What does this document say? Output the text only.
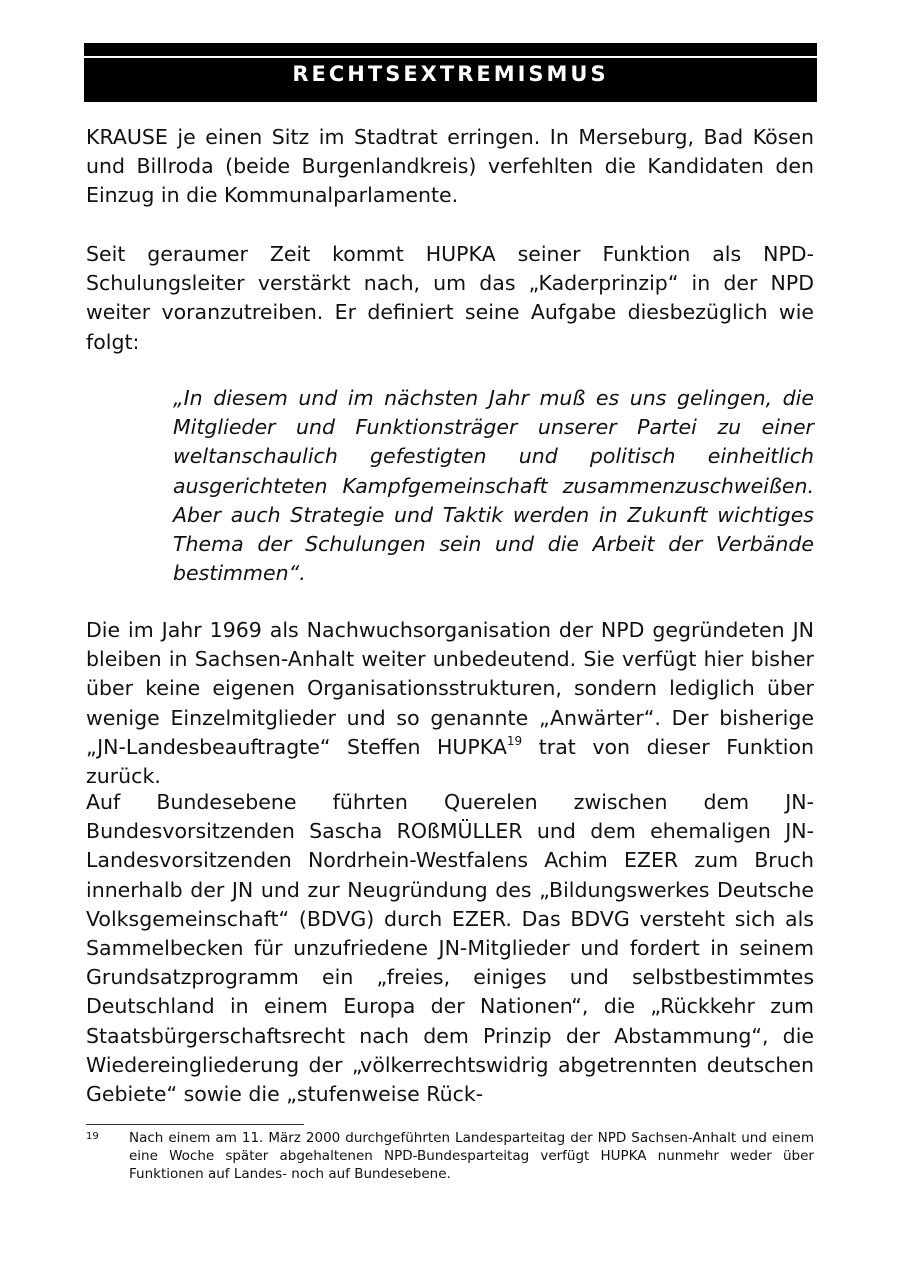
RECHTSEXTREMISMUS

KRAUSE je einen Sitz im Stadtrat erringen. In Merseburg, Bad Kösen und Billroda (beide Burgenlandkreis) verfehlten die Kandidaten den Einzug in die Kommunalparlamente.

Seit geraumer Zeit kommt HUPKA seiner Funktion als NPD-Schulungsleiter verstärkt nach, um das „Kaderprinzip“ in der NPD weiter voranzutreiben. Er definiert seine Aufgabe diesbezüglich wie folgt:

„In diesem und im nächsten Jahr muß es uns gelingen, die Mitglieder und Funktionsträger unserer Partei zu einer weltanschaulich gefestigten und politisch einheitlich ausgerichteten Kampfgemeinschaft zusammenzuschweißen. Aber auch Strategie und Taktik werden in Zukunft wichtiges Thema der Schulungen sein und die Arbeit der Verbände bestimmen“.

Die im Jahr 1969 als Nachwuchsorganisation der NPD gegründeten JN bleiben in Sachsen-Anhalt weiter unbedeutend. Sie verfügt hier bisher über keine eigenen Organisationsstrukturen, sondern lediglich über wenige Einzelmitglieder und so genannte „Anwärter“. Der bisherige „JN-Landesbeauftragte“ Steffen HUPKA$^{19}$ trat von dieser Funktion zurück.

Auf Bundesebene führten Querelen zwischen dem JN-Bundesvorsitzenden Sascha ROßMÜLLER und dem ehemaligen JN-Landesvorsitzenden Nordrhein-Westfalens Achim EZER zum Bruch innerhalb der JN und zur Neugründung des „Bildungswerkes Deutsche Volksgemeinschaft“ (BDVG) durch EZER. Das BDVG versteht sich als Sammelbecken für unzufriedene JN-Mitglieder und fordert in seinem Grundsatzprogramm ein „freies, einiges und selbstbestimmtes Deutschland in einem Europa der Nationen“, die „Rückkehr zum Staatsbürgerschaftsrecht nach dem Prinzip der Abstammung“, die Wiedereingliederung der „völkerrechtswidrig abgetrennten deutschen Gebiete“ sowie die „stufenweise Rück-

19 Nach einem am 11. März 2000 durchgeführten Landesparteitag der NPD Sachsen-Anhalt und einem eine Woche später abgehaltenen NPD-Bundesparteitag verfügt HUPKA nunmehr weder über Funktionen auf Landes- noch auf Bundesebene.
